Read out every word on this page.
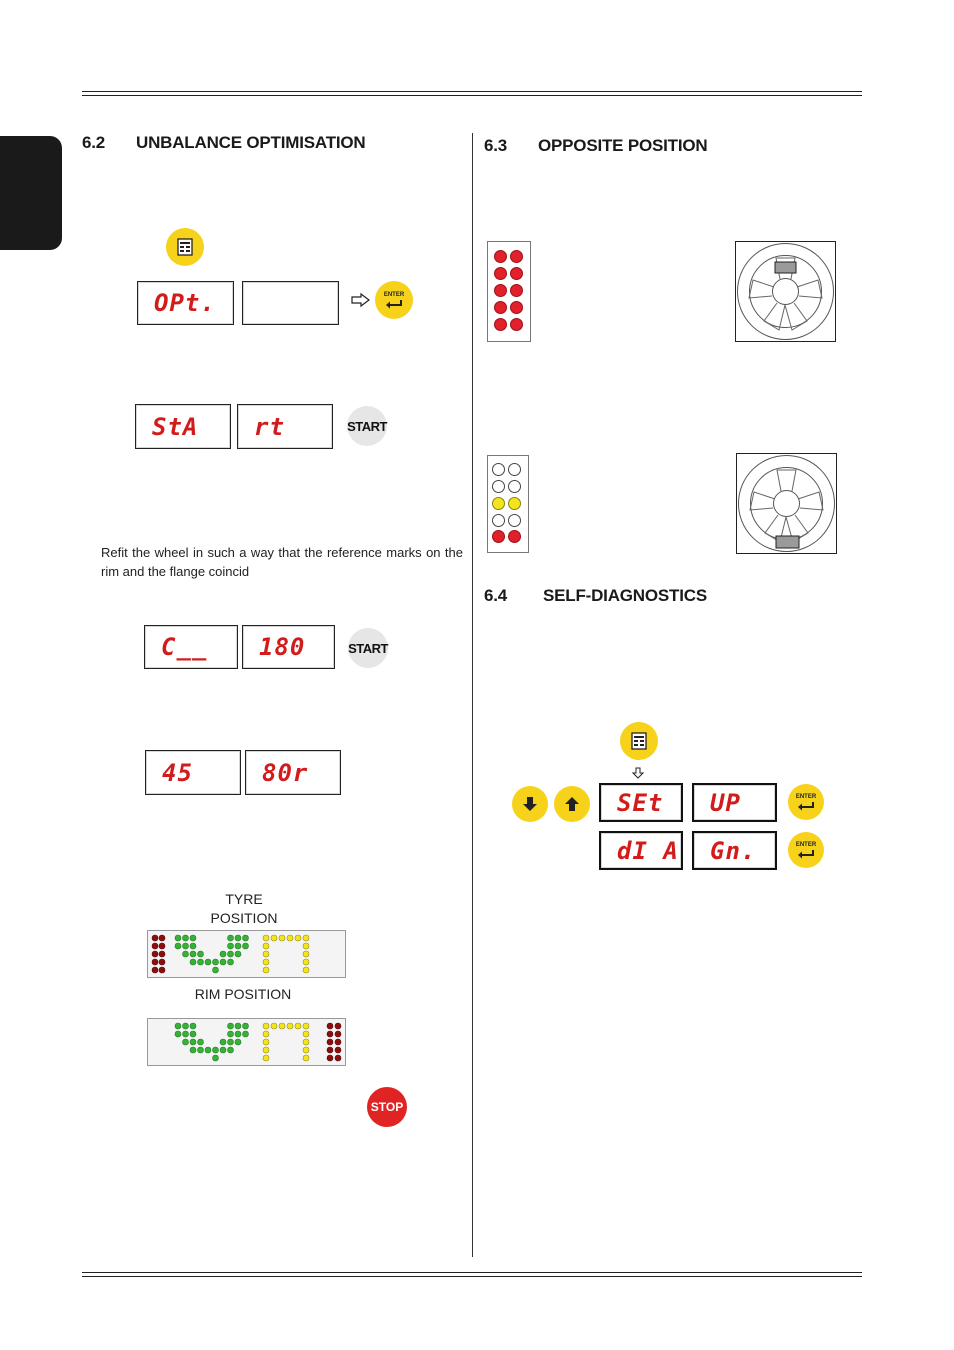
6.2 UNBALANCE OPTIMISATION
OPt.	ENTER
StA	rt	START
Refit the wheel in such a way that the reference marks on the rim and the flange coincid
C__	180	START
45	80r
TYRE
POSITION
RIM POSITION
STOP
6.3 OPPOSITE POSITION
6.4 SELF-DIAGNOSTICS
SEt	UP	ENTER
dI A	Gn.	ENTER
